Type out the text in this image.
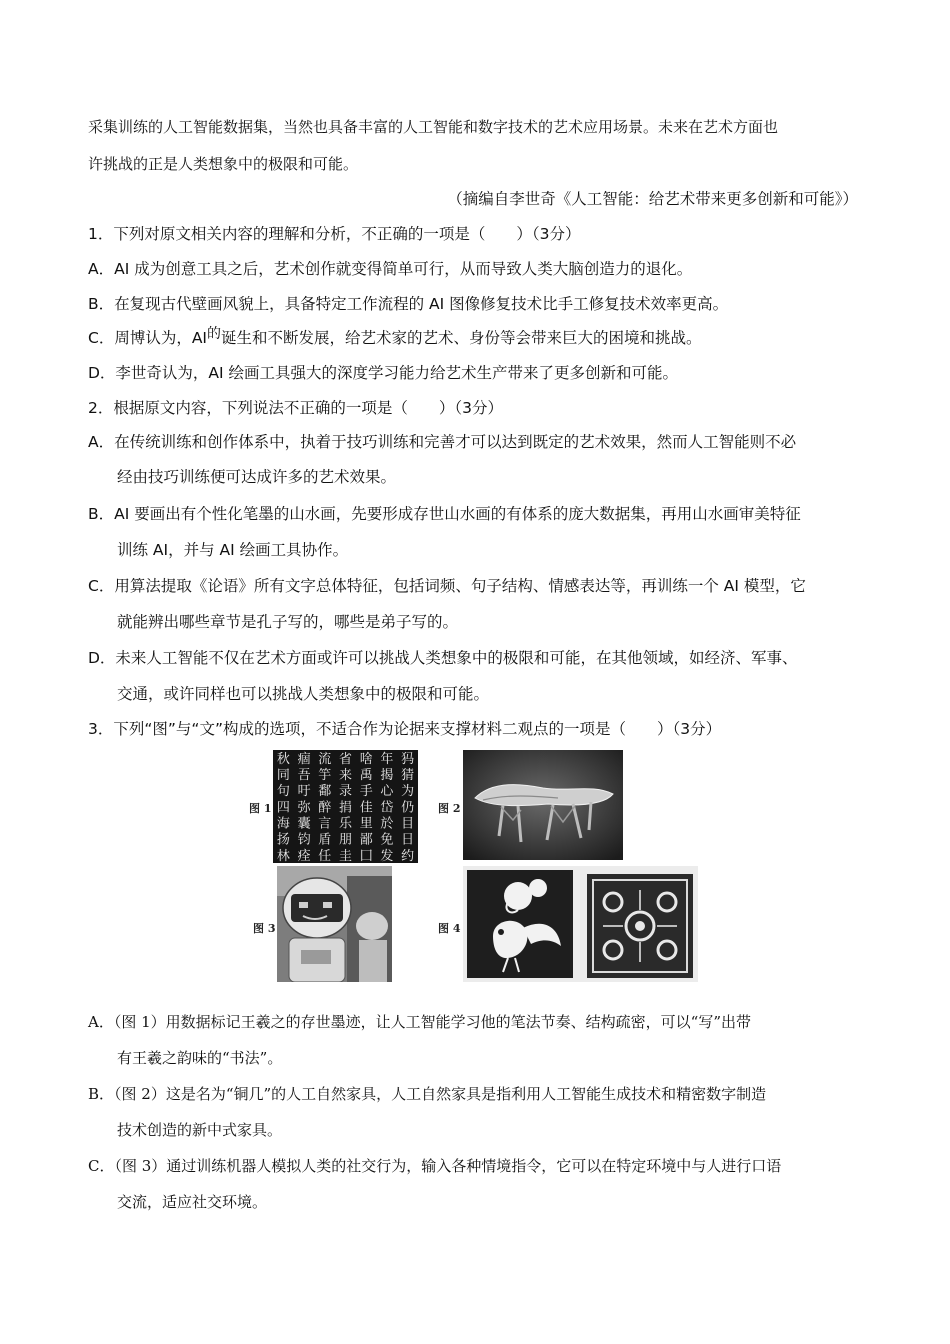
采集训练的人工智能数据集，当然也具备丰富的人工智能和数字技术的艺术应用场景。未来在艺术方面也
许挑战的正是人类想象中的极限和可能。
（摘编自李世奇《人工智能：给艺术带来更多创新和可能》）
1．下列对原文相关内容的理解和分析，不正确的一项是（　　）（3分）
A．AI 成为创意工具之后，艺术创作就变得简单可行，从而导致人类大脑创造力的退化。
B．在复现古代壁画风貌上，具备特定工作流程的 AI 图像修复技术比手工修复技术效率更高。
C．周博认为，AI的诞生和不断发展，给艺术家的艺术、身份等会带来巨大的困境和挑战。
D．李世奇认为，AI 绘画工具强大的深度学习能力给艺术生产带来了更多创新和可能。
2．根据原文内容，下列说法不正确的一项是（　　）（3分）
A．在传统训练和创作体系中，执着于技巧训练和完善才可以达到既定的艺术效果，然而人工智能则不必
经由技巧训练便可达成许多的艺术效果。
B．AI 要画出有个性化笔墨的山水画，先要形成存世山水画的有体系的庞大数据集，再用山水画审美特征
训练 AI，并与 AI 绘画工具协作。
C．用算法提取《论语》所有文字总体特征，包括词频、句子结构、情感表达等，再训练一个 AI 模型，它
就能辨出哪些章节是孔子写的，哪些是弟子写的。
D．未来人工智能不仅在艺术方面或许可以挑战人类想象中的极限和可能，在其他领域，如经济、军事、
交通，或许同样也可以挑战人类想象中的极限和可能。
3．下列“图”与“文”构成的选项，不适合作为论据来支撑材料二观点的一项是（　　）（3分）
图 1
犸
猜
为
仍
目
日
约
年
揭
心
岱
於
免
发
啥
禹
手
佳
里
鄙
囗
省
来
录
捐
乐
朋
圭
流
竽
鄱
醉
言
盾
任
痼
吾
吁
弥
囊
钧
痊
秋
同
句
四
海
扬
林
图 2
图 3	图 4
A．（图 1）用数据标记王羲之的存世墨迹，让人工智能学习他的笔法节奏、结构疏密，可以“写”出带
有王羲之韵味的“书法”。
B．（图 2）这是名为“铜几”的人工自然家具，人工自然家具是指利用人工智能生成技术和精密数字制造
技术创造的新中式家具。
C．（图 3）通过训练机器人模拟人类的社交行为，输入各种情境指令，它可以在特定环境中与人进行口语
交流，适应社交环境。
